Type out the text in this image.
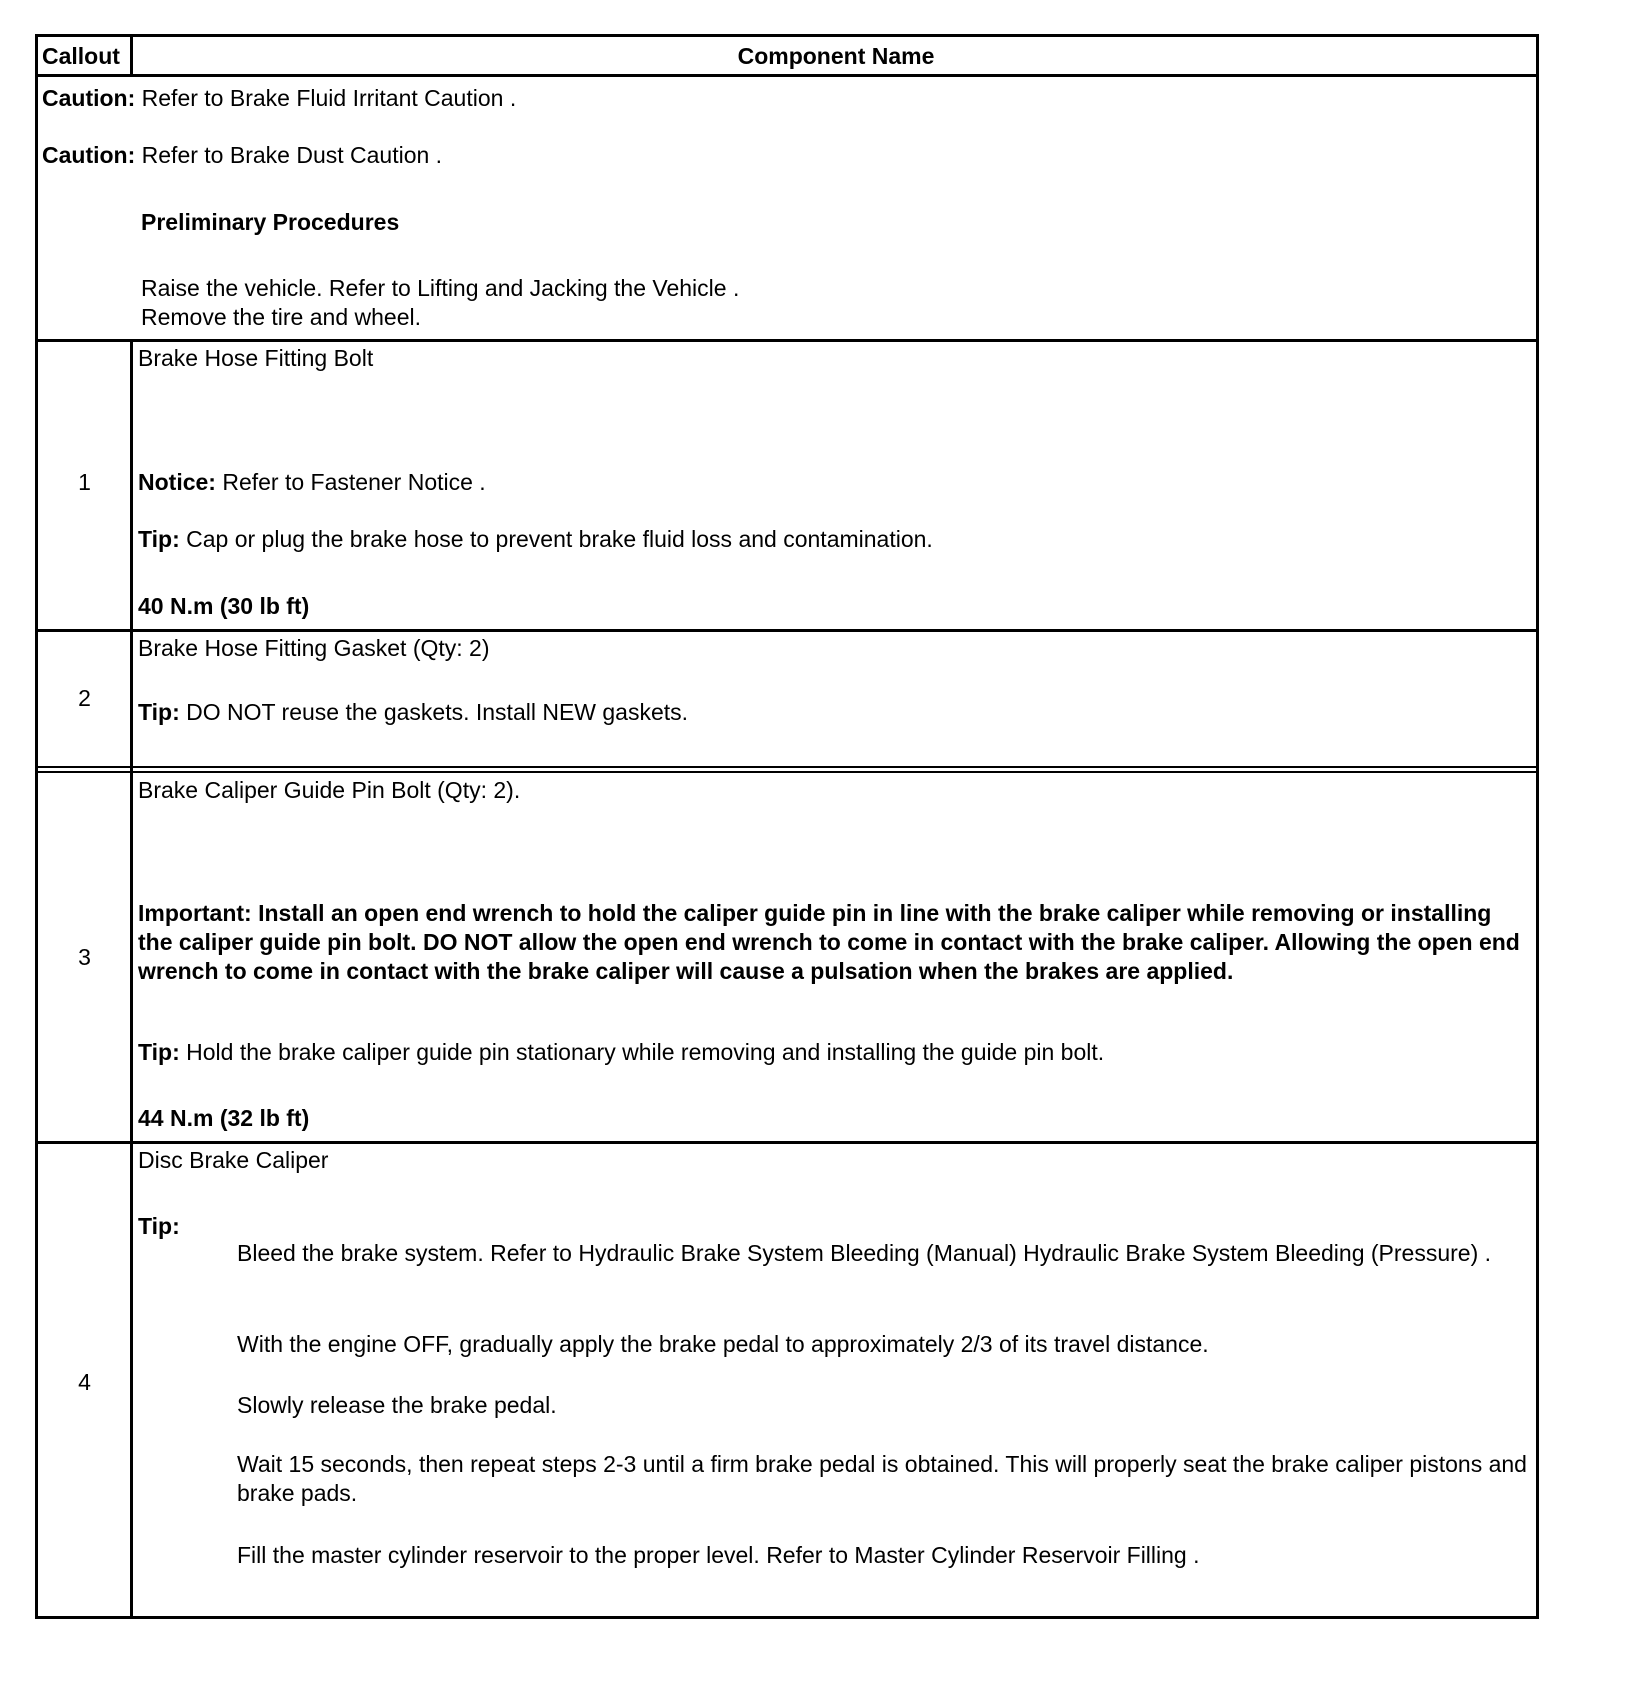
Callout	Component Name
Caution: Refer to Brake Fluid Irritant Caution .
Caution: Refer to Brake Dust Caution .
Preliminary Procedures
Raise the vehicle. Refer to Lifting and Jacking the Vehicle .
Remove the tire and wheel.
1
Brake Hose Fitting Bolt
Notice: Refer to Fastener Notice .
Tip: Cap or plug the brake hose to prevent brake fluid loss and contamination.
40 N.m (30 lb ft)
2
Brake Hose Fitting Gasket (Qty: 2)
Tip: DO NOT reuse the gaskets. Install NEW gaskets.
3
Brake Caliper Guide Pin Bolt (Qty: 2).
Important: Install an open end wrench to hold the caliper guide pin in line with the brake caliper while removing or installing the caliper guide pin bolt. DO NOT allow the open end wrench to come in contact with the brake caliper. Allowing the open end wrench to come in contact with the brake caliper will cause a pulsation when the brakes are applied.
Tip: Hold the brake caliper guide pin stationary while removing and installing the guide pin bolt.
44 N.m (32 lb ft)
4
Disc Brake Caliper
Tip:
Bleed the brake system. Refer to Hydraulic Brake System Bleeding (Manual) Hydraulic Brake System Bleeding (Pressure) .
With the engine OFF, gradually apply the brake pedal to approximately 2/3 of its travel distance.
Slowly release the brake pedal.
Wait 15 seconds, then repeat steps 2-3 until a firm brake pedal is obtained. This will properly seat the brake caliper pistons and brake pads.
Fill the master cylinder reservoir to the proper level. Refer to Master Cylinder Reservoir Filling .
